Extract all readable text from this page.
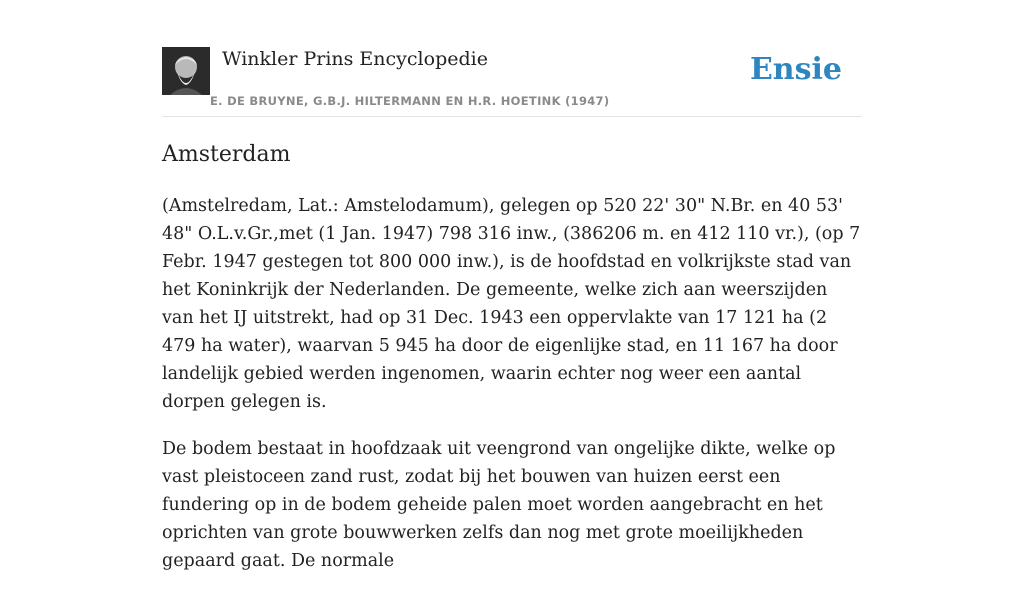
Winkler Prins Encyclopedie
E. DE BRUYNE, G.B.J. HILTERMANN EN H.R. HOETINK (1947)
Ensie
Amsterdam

(Amstelredam, Lat.: Amstelodamum), gelegen op 520 22' 30" N.Br. en 40 53' 48" O.L.v.Gr.,met (1 Jan. 1947) 798 316 inw., (386206 m. en 412 110 vr.), (op 7 Febr. 1947 gestegen tot 800 000 inw.), is de hoofdstad en volkrijkste stad van het Koninkrijk der Nederlanden. De gemeente, welke zich aan weerszijden van het IJ uitstrekt, had op 31 Dec. 1943 een oppervlakte van 17 121 ha (2 479 ha water), waarvan 5 945 ha door de eigenlijke stad, en 11 167 ha door landelijk gebied werden ingenomen, waarin echter nog weer een aantal dorpen gelegen is.

De bodem bestaat in hoofdzaak uit veengrond van ongelijke dikte, welke op vast pleistoceen zand rust, zodat bij het bouwen van huizen eerst een fundering op in de bodem geheide palen moet worden aangebracht en het oprichten van grote bouwwerken zelfs dan nog met grote moeilijkheden gepaard gaat. De normale
